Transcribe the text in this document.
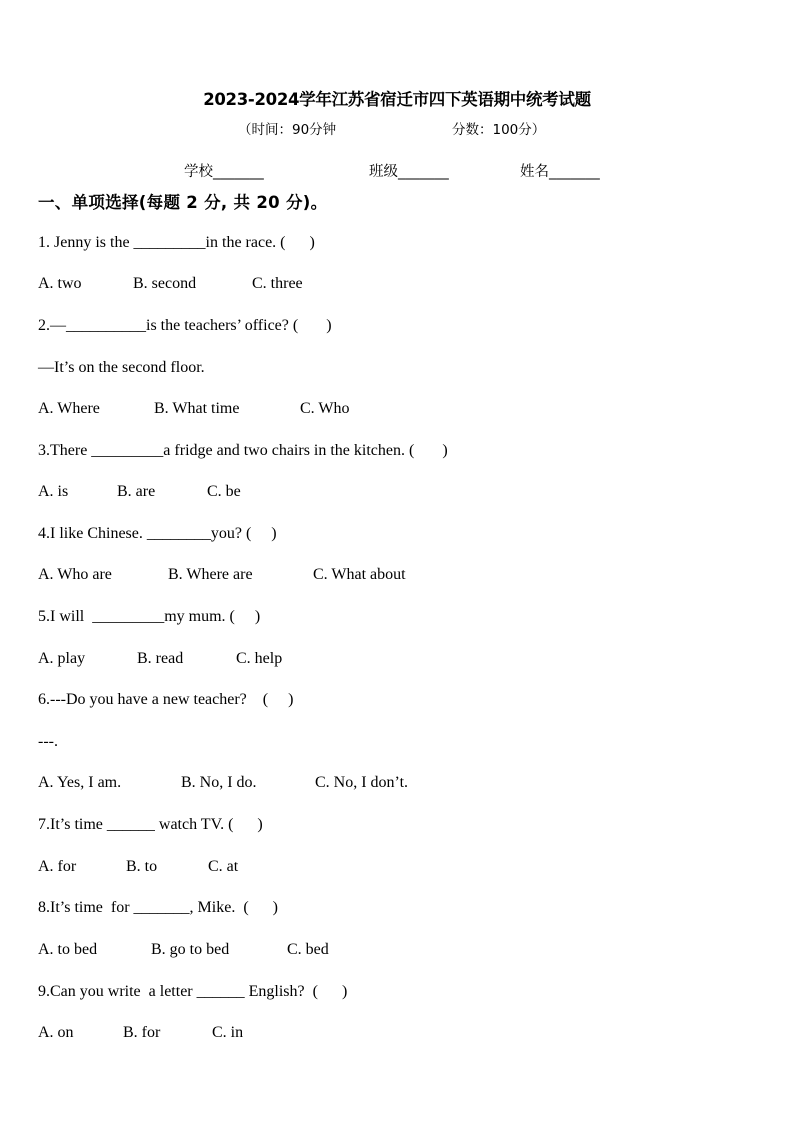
2023-2024学年江苏省宿迁市四下英语期中统考试题
（时间：90分钟	分数：100分）
学校_______	班级_______	姓名_______
一、单项选择(每题 2 分, 共 20 分)。
1. Jenny is the _________in the race. (      )
A. two	B. second	C. three
2.—__________is the teachers’ office? (       )
—It’s on the second floor.
A. Where	B. What time	C. Who
3.There _________a fridge and two chairs in the kitchen. (       )
A. is	B. are	C. be
4.I like Chinese. ________you? (     )
A. Who are	B. Where are	C. What about
5.I will  _________my mum. (     )
A. play	B. read	C. help
6.---Do you have a new teacher?    (     )
---.
A. Yes, I am.	B. No, I do.	C. No, I don’t.
7.It’s time ______ watch TV. (      )
A. for	B. to	C. at
8.It’s time  for _______, Mike.  (      )
A. to bed	B. go to bed	C. bed
9.Can you write  a letter ______ English?  (      )
A. on	B. for	C. in
